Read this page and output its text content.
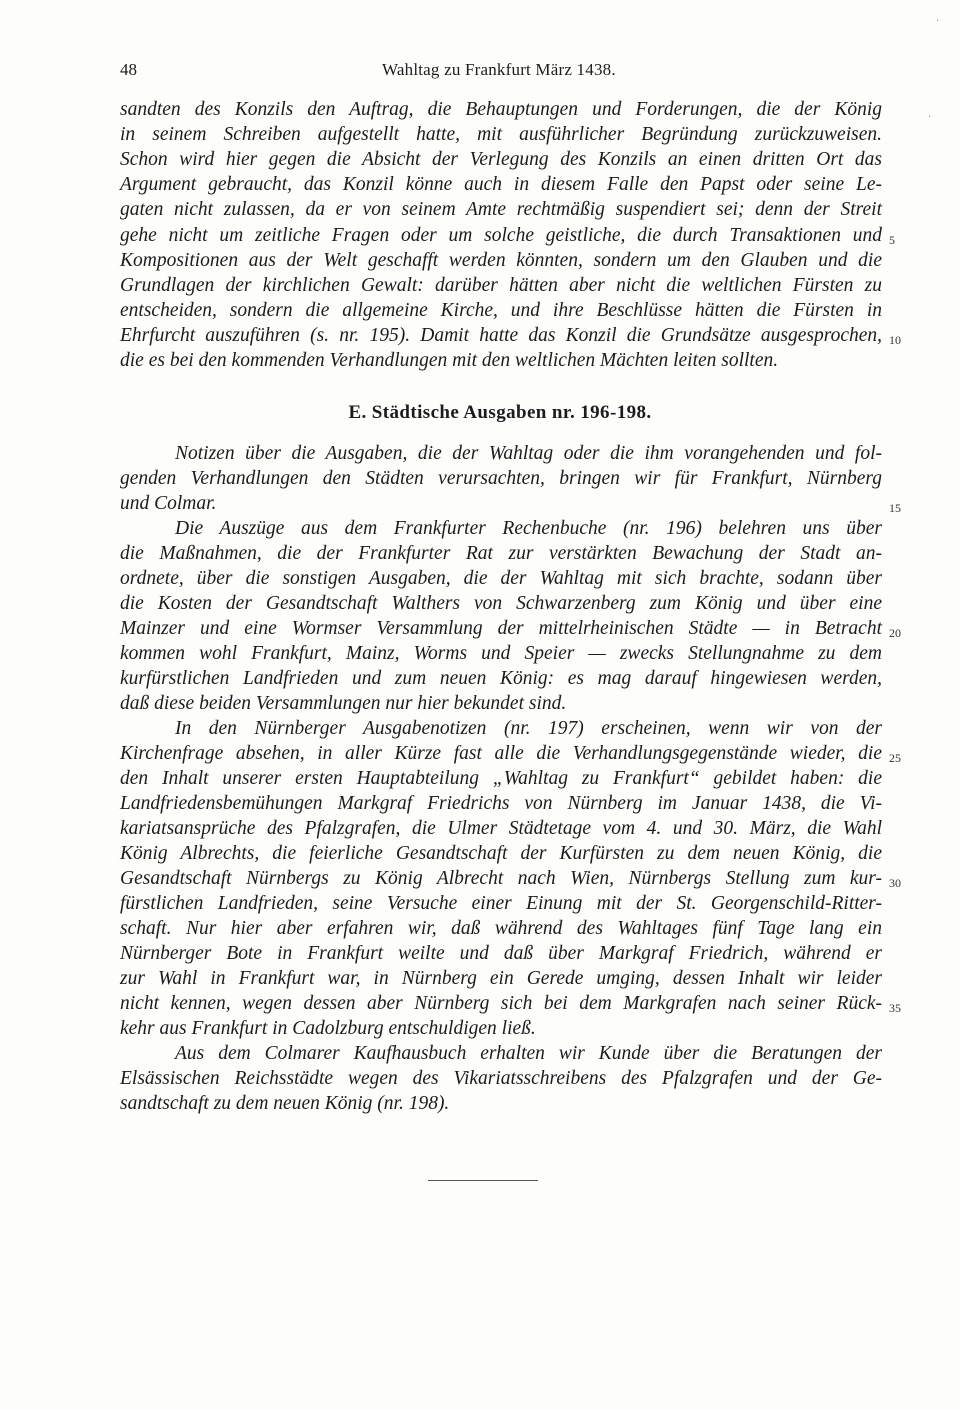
48	Wahltag zu Frankfurt März 1438.
sandten des Konzils den Auftrag, die Behauptungen und Forderungen, die der König
in seinem Schreiben aufgestellt hatte, mit ausführlicher Begründung zurückzuweisen.
Schon wird hier gegen die Absicht der Verlegung des Konzils an einen dritten Ort das
Argument gebraucht, das Konzil könne auch in diesem Falle den Papst oder seine Le-
gaten nicht zulassen, da er von seinem Amte rechtmäßig suspendiert sei; denn der Streit
gehe nicht um zeitliche Fragen oder um solche geistliche, die durch Transaktionen und
Kompositionen aus der Welt geschafft werden könnten, sondern um den Glauben und die
Grundlagen der kirchlichen Gewalt: darüber hätten aber nicht die weltlichen Fürsten zu
entscheiden, sondern die allgemeine Kirche, und ihre Beschlüsse hätten die Fürsten in
Ehrfurcht auszuführen (s. nr. 195). Damit hatte das Konzil die Grundsätze ausgesprochen,
die es bei den kommenden Verhandlungen mit den weltlichen Mächten leiten sollten.
E. Städtische Ausgaben nr. 196-198.
Notizen über die Ausgaben, die der Wahltag oder die ihm vorangehenden und fol-
genden Verhandlungen den Städten verursachten, bringen wir für Frankfurt, Nürnberg
und Colmar.
Die Auszüge aus dem Frankfurter Rechenbuche (nr. 196) belehren uns über
die Maßnahmen, die der Frankfurter Rat zur verstärkten Bewachung der Stadt an-
ordnete, über die sonstigen Ausgaben, die der Wahltag mit sich brachte, sodann über
die Kosten der Gesandtschaft Walthers von Schwarzenberg zum König und über eine
Mainzer und eine Wormser Versammlung der mittelrheinischen Städte — in Betracht
kommen wohl Frankfurt, Mainz, Worms und Speier — zwecks Stellungnahme zu dem
kurfürstlichen Landfrieden und zum neuen König: es mag darauf hingewiesen werden,
daß diese beiden Versammlungen nur hier bekundet sind.
In den Nürnberger Ausgabenotizen (nr. 197) erscheinen, wenn wir von der
Kirchenfrage absehen, in aller Kürze fast alle die Verhandlungsgegenstände wieder, die
den Inhalt unserer ersten Hauptabteilung „Wahltag zu Frankfurt“ gebildet haben: die
Landfriedensbemühungen Markgraf Friedrichs von Nürnberg im Januar 1438, die Vi-
kariatsansprüche des Pfalzgrafen, die Ulmer Städtetage vom 4. und 30. März, die Wahl
König Albrechts, die feierliche Gesandtschaft der Kurfürsten zu dem neuen König, die
Gesandtschaft Nürnbergs zu König Albrecht nach Wien, Nürnbergs Stellung zum kur-
fürstlichen Landfrieden, seine Versuche einer Einung mit der St. Georgenschild-Ritter-
schaft. Nur hier aber erfahren wir, daß während des Wahltages fünf Tage lang ein
Nürnberger Bote in Frankfurt weilte und daß über Markgraf Friedrich, während er
zur Wahl in Frankfurt war, in Nürnberg ein Gerede umging, dessen Inhalt wir leider
nicht kennen, wegen dessen aber Nürnberg sich bei dem Markgrafen nach seiner Rück-
kehr aus Frankfurt in Cadolzburg entschuldigen ließ.
Aus dem Colmarer Kaufhausbuch erhalten wir Kunde über die Beratungen der
Elsässischen Reichsstädte wegen des Vikariatsschreibens des Pfalzgrafen und der Ge-
sandtschaft zu dem neuen König (nr. 198).
5
10
15
20
25
30
35
·
·
